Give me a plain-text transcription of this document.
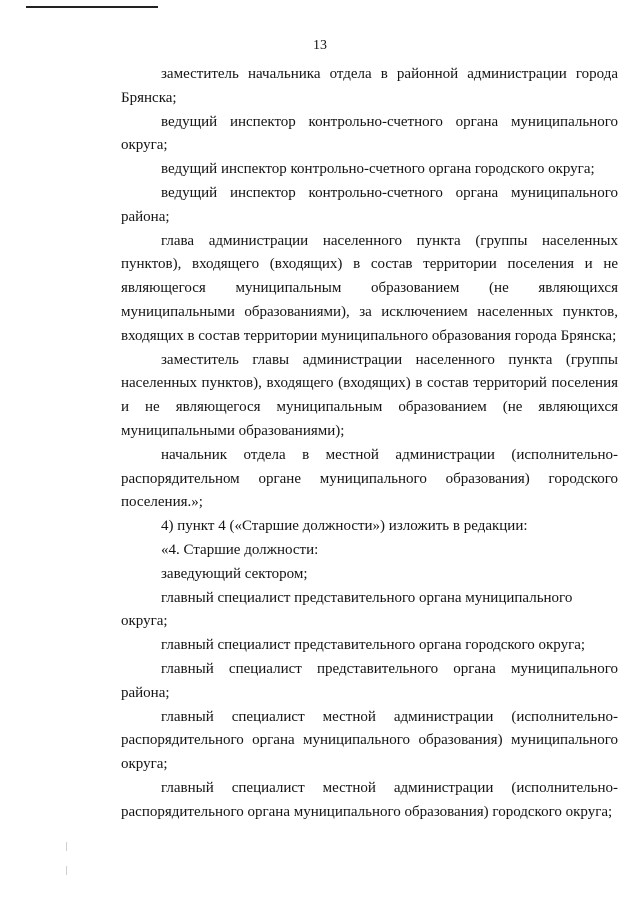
13

заместитель начальника отдела в районной администрации города Брянска;

ведущий инспектор контрольно-счетного органа муниципального округа;

ведущий инспектор контрольно-счетного органа городского округа;

ведущий инспектор контрольно-счетного органа муниципального района;

глава администрации населенного пункта (группы населенных пунктов), входящего (входящих) в состав территории поселения и не являющегося муниципальным образованием (не являющихся муниципальными образованиями), за исключением населенных пунктов, входящих в состав территории муниципального образования города Брянска;

заместитель главы администрации населенного пункта (группы населенных пунктов), входящего (входящих) в состав территорий поселения и не являющегося муниципальным образованием (не являющихся муниципальными образованиями);

начальник отдела в местной администрации (исполнительно-распорядительном органе муниципального образования) городского поселения.»;

4) пункт 4 («Старшие должности») изложить в редакции:

«4. Старшие должности:

заведующий сектором;

главный специалист представительного органа муниципального округа;

главный специалист представительного органа городского округа;

главный специалист представительного органа муниципального района;

главный специалист местной администрации (исполнительно-распорядительного органа муниципального образования) муниципального округа;

главный специалист местной администрации (исполнительно-распорядительного органа муниципального образования) городского округа;
